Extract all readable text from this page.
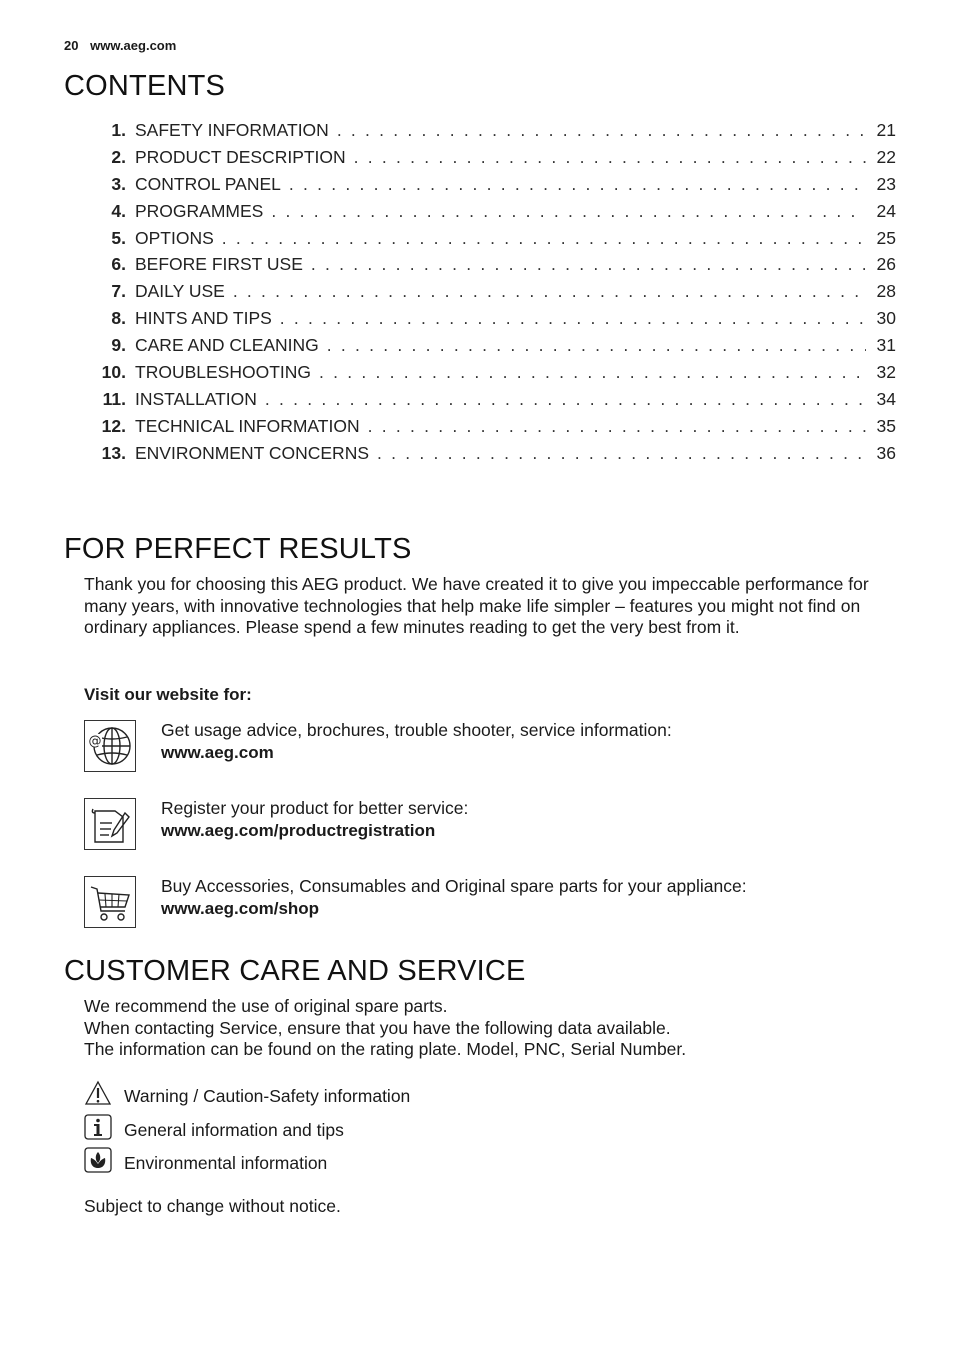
20 www.aeg.com
CONTENTS
1. SAFETY INFORMATION . . .	21
2. PRODUCT DESCRIPTION . . .	22
3. CONTROL PANEL . . .	23
4. PROGRAMMES . . .	24
5. OPTIONS . . .	25
6. BEFORE FIRST USE . . .	26
7. DAILY USE . . .	28
8. HINTS AND TIPS . . .	30
9. CARE AND CLEANING . . .	31
10. TROUBLESHOOTING . . .	32
11. INSTALLATION . . .	34
12. TECHNICAL INFORMATION . . .	35
13. ENVIRONMENT CONCERNS . . .	36
FOR PERFECT RESULTS
Thank you for choosing this AEG product. We have created it to give you impeccable performance for many years, with innovative technologies that help make life simpler – features you might not find on ordinary appliances. Please spend a few minutes reading to get the very best from it.
Visit our website for:
@
Get usage advice, brochures, trouble shooter, service information:
www.aeg.com
Register your product for better service:
www.aeg.com/productregistration
Buy Accessories, Consumables and Original spare parts for your appliance:
www.aeg.com/shop
CUSTOMER CARE AND SERVICE
We recommend the use of original spare parts.
When contacting Service, ensure that you have the following data available.
The information can be found on the rating plate. Model, PNC, Serial Number.
Warning / Caution-Safety information
General information and tips
Environmental information
Subject to change without notice.
